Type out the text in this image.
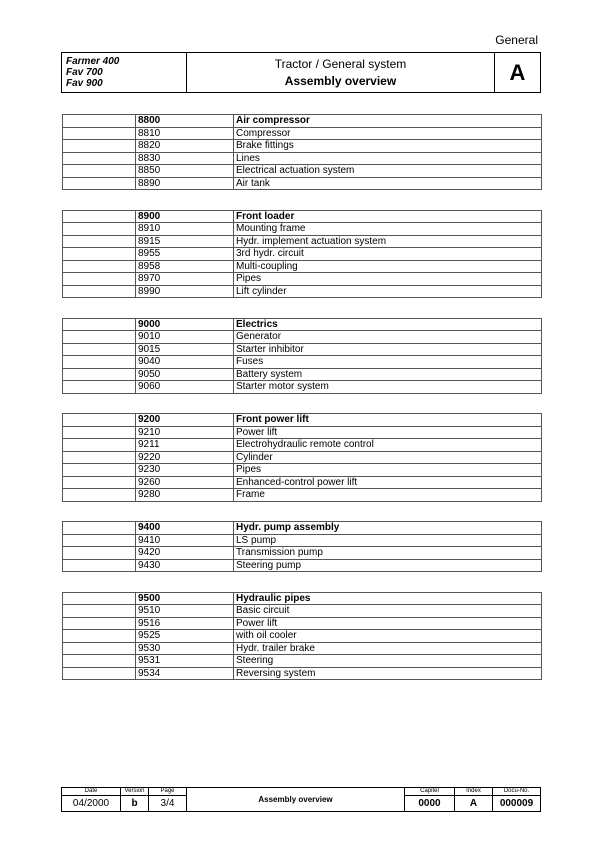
General
Farmer 400
Fav 700
Fav 900
Tractor / General system
Assembly overview	A
	8800	Air compressor
	8810	Compressor
	8820	Brake fittings
	8830	Lines
	8850	Electrical actuation system
	8890	Air tank
	8900	Front loader
	8910	Mounting frame
	8915	Hydr. implement actuation system
	8955	3rd hydr. circuit
	8958	Multi-coupling
	8970	Pipes
	8990	Lift cylinder
	9000	Electrics
	9010	Generator
	9015	Starter inhibitor
	9040	Fuses
	9050	Battery system
	9060	Starter motor system
	9200	Front power lift
	9210	Power lift
	9211	Electrohydraulic remote control
	9220	Cylinder
	9230	Pipes
	9260	Enhanced-control power lift
	9280	Frame
	9400	Hydr. pump assembly
	9410	LS pump
	9420	Transmission pump
	9430	Steering pump
	9500	Hydraulic pipes
	9510	Basic circuit
	9516	Power lift
	9525	with oil cooler
	9530	Hydr. trailer brake
	9531	Steering
	9534	Reversing system
Date	Version	Page	Assembly overview	Capitel	Index	Docu-No.
04/2000	b	3/4		0000	A	000009
